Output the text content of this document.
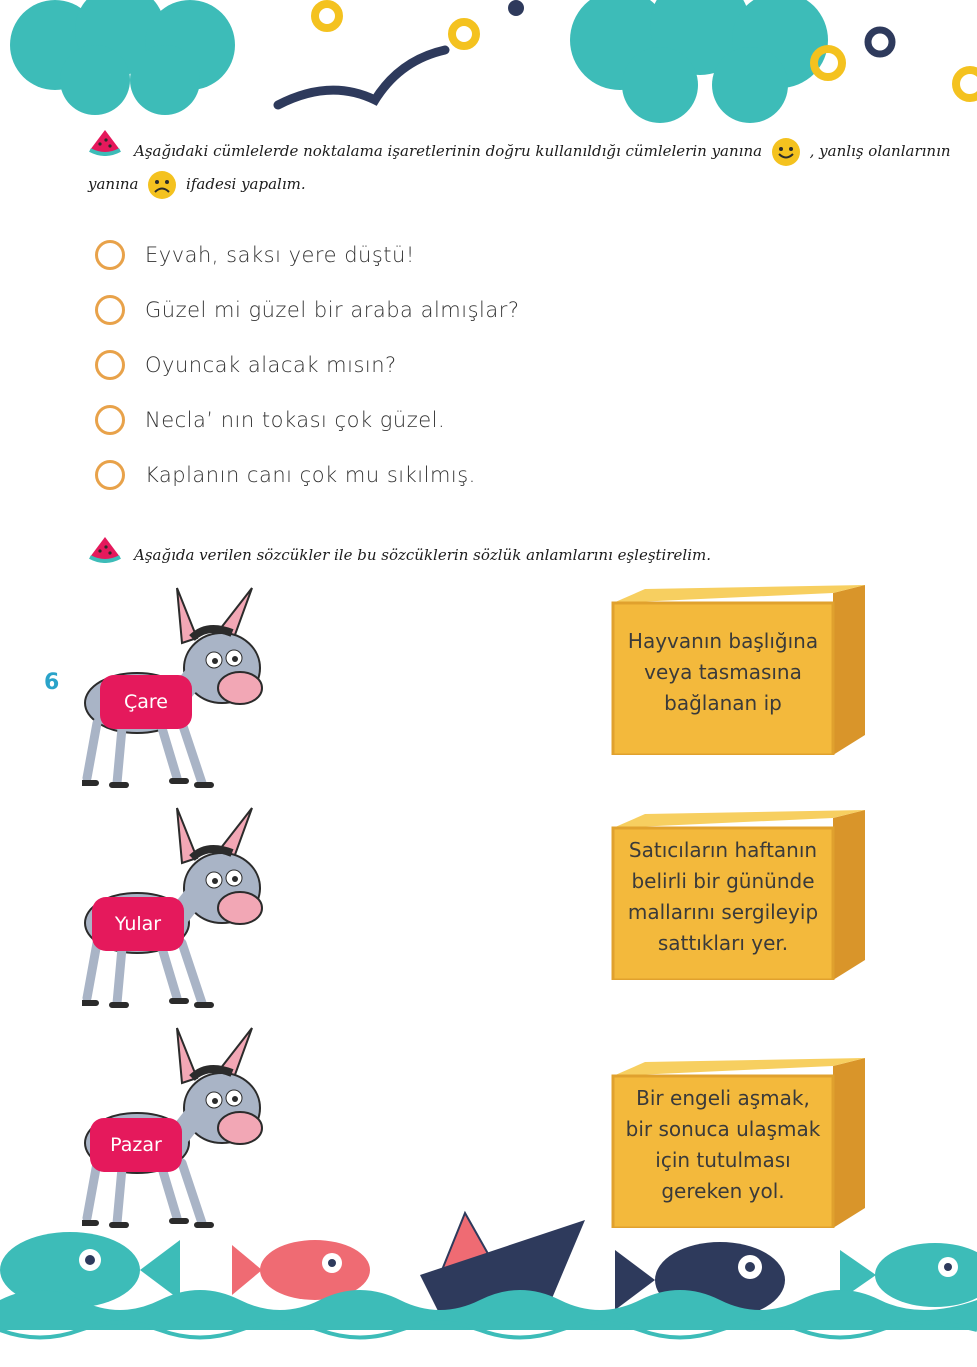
Aşağıdaki cümlelerde noktalama işaretlerinin doğru kullanıldığı cümlelerin yanına	, yanlış olanlarının
yanına	ifadesi yapalım.
Eyvah, saksı yere düştü!
Güzel mi güzel bir araba almışlar?
Oyuncak alacak mısın?
Necla’ nın tokası çok güzel.
Kaplanın canı çok mu sıkılmış.
Aşağıda verilen sözcükler ile bu sözcüklerin sözlük anlamlarını eşleştirelim.
6
Çare
Yular
Pazar
Hayvanın başlığına veya tasmasına bağlanan ip
Satıcıların haftanın belirli bir gününde mallarını sergileyip sattıkları yer.
Bir engeli aşmak, bir sonuca ulaşmak için tutulması gereken yol.
